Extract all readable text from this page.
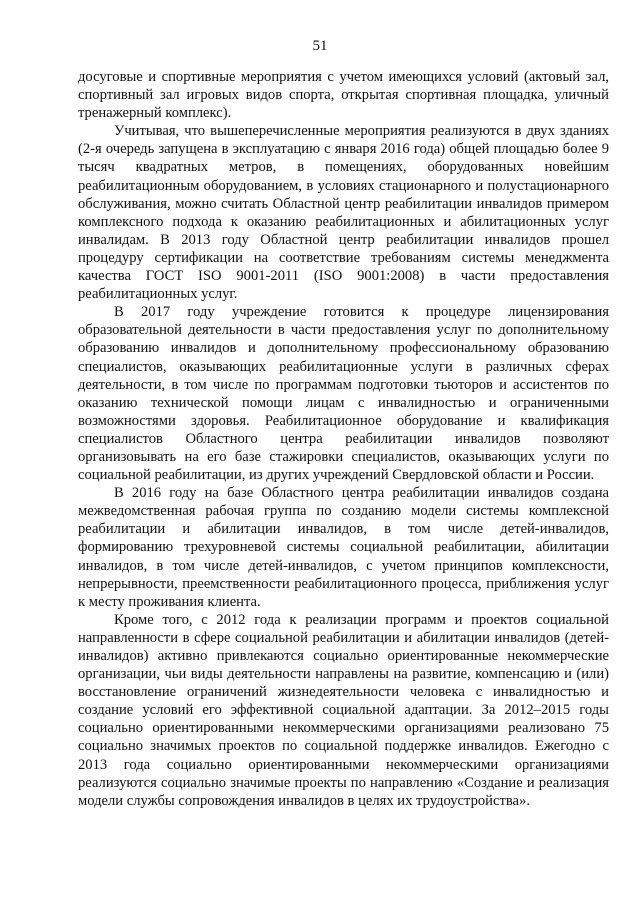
51

досуговые и спортивные мероприятия с учетом имеющихся условий (актовый зал, спортивный зал игровых видов спорта, открытая спортивная площадка, уличный тренажерный комплекс).

Учитывая, что вышеперечисленные мероприятия реализуются в двух зданиях (2-я очередь запущена в эксплуатацию с января 2016 года) общей площадью более 9 тысяч квадратных метров, в помещениях, оборудованных новейшим реабилитационным оборудованием, в условиях стационарного и полустационарного обслуживания, можно считать Областной центр реабилитации инвалидов примером комплексного подхода к оказанию реабилитационных и абилитационных услуг инвалидам. В 2013 году Областной центр реабилитации инвалидов прошел процедуру сертификации на соответствие требованиям системы менеджмента качества ГОСТ ISO 9001-2011 (ISO 9001:2008) в части предоставления реабилитационных услуг.

В 2017 году учреждение готовится к процедуре лицензирования образовательной деятельности в части предоставления услуг по дополнительному образованию инвалидов и дополнительному профессиональному образованию специалистов, оказывающих реабилитационные услуги в различных сферах деятельности, в том числе по программам подготовки тьюторов и ассистентов по оказанию технической помощи лицам с инвалидностью и ограниченными возможностями здоровья. Реабилитационное оборудование и квалификация специалистов Областного центра реабилитации инвалидов позволяют организовывать на его базе стажировки специалистов, оказывающих услуги по социальной реабилитации, из других учреждений Свердловской области и России.

В 2016 году на базе Областного центра реабилитации инвалидов создана межведомственная рабочая группа по созданию модели системы комплексной реабилитации и абилитации инвалидов, в том числе детей-инвалидов, формированию трехуровневой системы социальной реабилитации, абилитации инвалидов, в том числе детей-инвалидов, с учетом принципов комплексности, непрерывности, преемственности реабилитационного процесса, приближения услуг к месту проживания клиента.

Кроме того, с 2012 года к реализации программ и проектов социальной направленности в сфере социальной реабилитации и абилитации инвалидов (детей-инвалидов) активно привлекаются социально ориентированные некоммерческие организации, чьи виды деятельности направлены на развитие, компенсацию и (или) восстановление ограничений жизнедеятельности человека с инвалидностью и создание условий его эффективной социальной адаптации. За 2012–2015 годы социально ориентированными некоммерческими организациями реализовано 75 социально значимых проектов по социальной поддержке инвалидов. Ежегодно с 2013 года социально ориентированными некоммерческими организациями реализуются социально значимые проекты по направлению «Создание и реализация модели службы сопровождения инвалидов в целях их трудоустройства».
